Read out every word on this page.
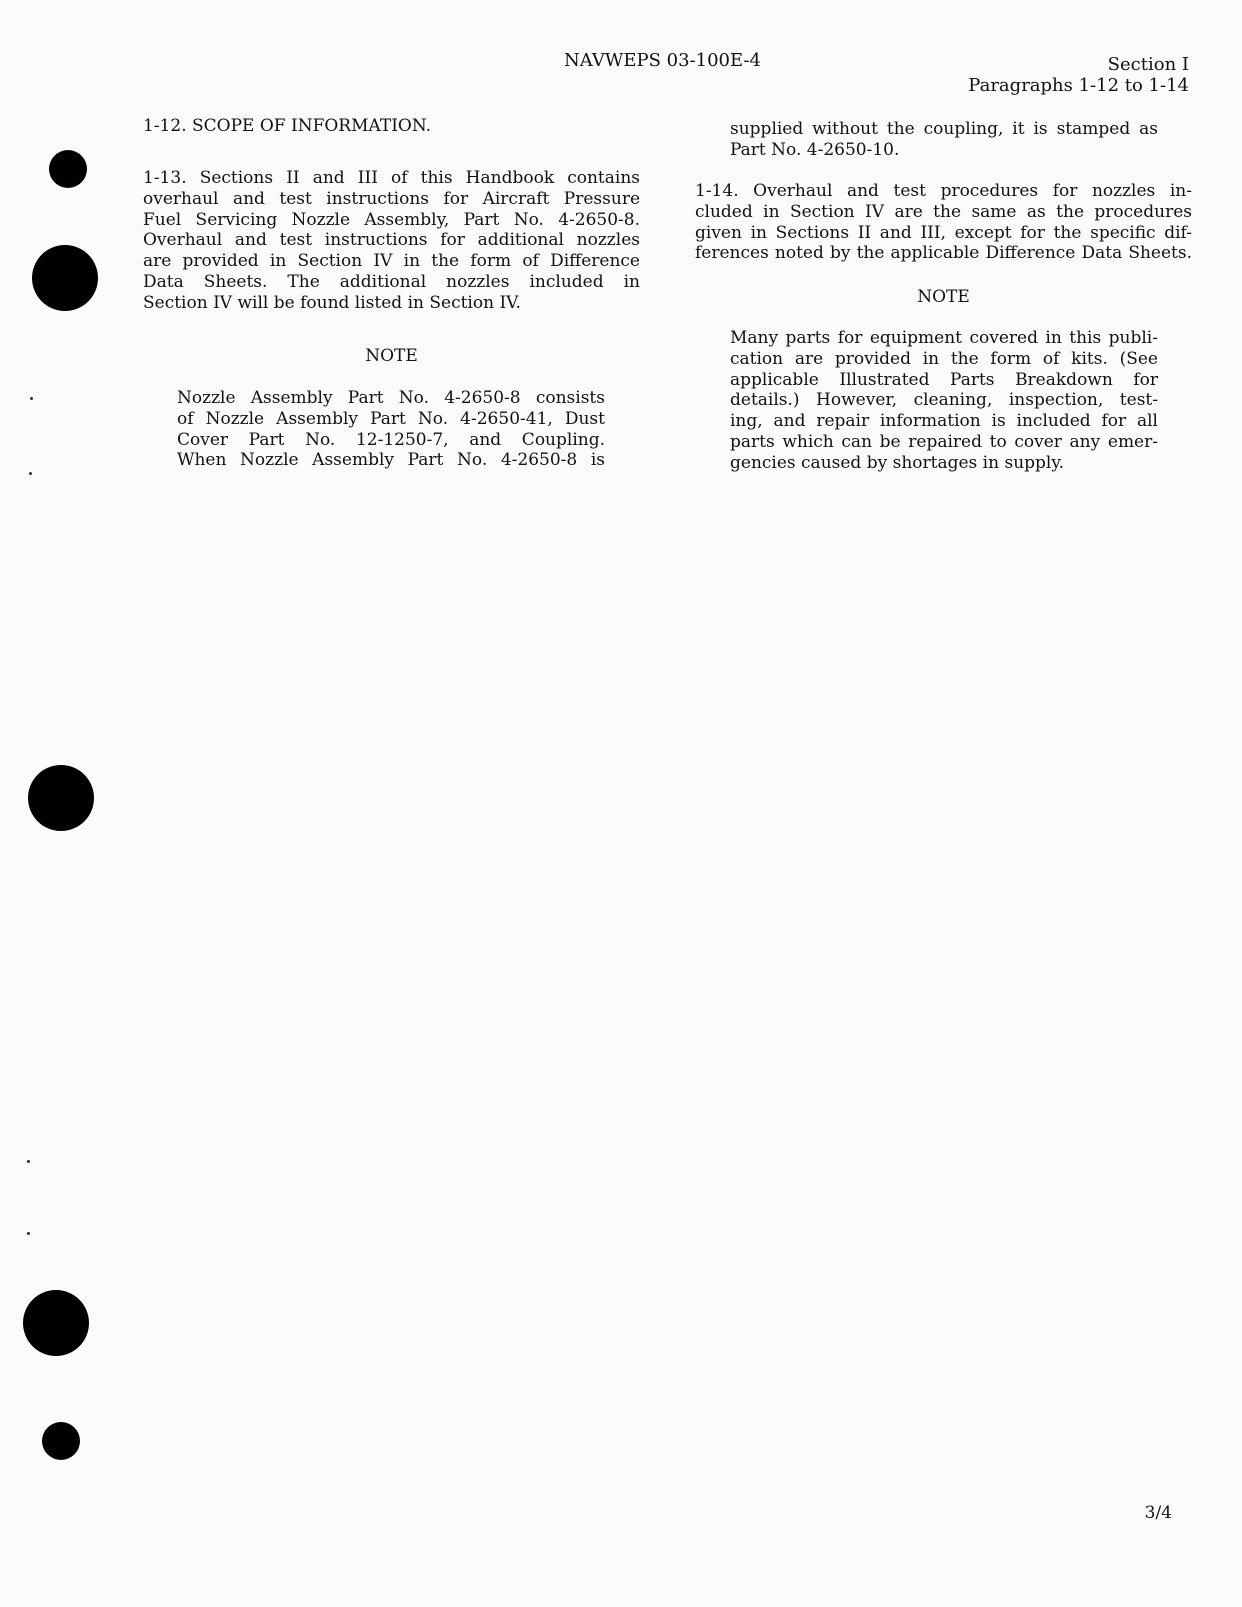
NAVWEPS 03-100E-4	Section I
Paragraphs 1-12 to 1-14

1-12. SCOPE OF INFORMATION.

1-13. Sections II and III of this Handbook contains

overhaul and test instructions for Aircraft Pressure

Fuel Servicing Nozzle Assembly, Part No. 4-2650-8.

Overhaul and test instructions for additional nozzles

are provided in Section IV in the form of Difference

Data Sheets. The additional nozzles included in

Section IV will be found listed in Section IV.

NOTE

Nozzle Assembly Part No. 4-2650-8 consists

of Nozzle Assembly Part No. 4-2650-41, Dust

Cover Part No. 12-1250-7, and Coupling.

When Nozzle Assembly Part No. 4-2650-8 is

supplied without the coupling, it is stamped as

Part No. 4-2650-10.

1-14. Overhaul and test procedures for nozzles in-

cluded in Section IV are the same as the procedures

given in Sections II and III, except for the specific dif-

ferences noted by the applicable Difference Data Sheets.

NOTE

Many parts for equipment covered in this publi-

cation are provided in the form of kits. (See

applicable Illustrated Parts Breakdown for

details.) However, cleaning, inspection, test-

ing, and repair information is included for all

parts which can be repaired to cover any emer-

gencies caused by shortages in supply.

3/4
